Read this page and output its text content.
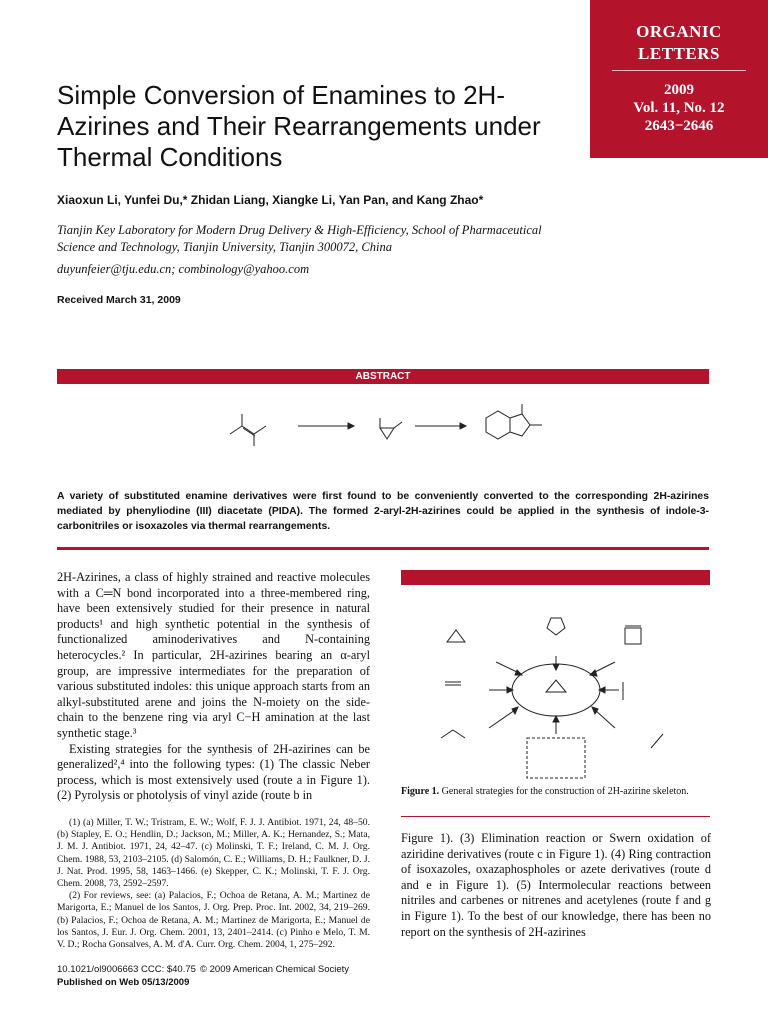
ORGANIC
LETTERS
2009
Vol. 11, No. 12
2643−2646
Simple Conversion of Enamines to 2H-Azirines and Their Rearrangements under Thermal Conditions
Xiaoxun Li, Yunfei Du,* Zhidan Liang, Xiangke Li, Yan Pan, and Kang Zhao*
Tianjin Key Laboratory for Modern Drug Delivery & High-Efficiency, School of Pharmaceutical Science and Technology, Tianjin University, Tianjin 300072, China
duyunfeier@tju.edu.cn; combinology@yahoo.com
Received March 31, 2009
ABSTRACT
A variety of substituted enamine derivatives were first found to be conveniently converted to the corresponding 2H-azirines mediated by phenyliodine (III) diacetate (PIDA). The formed 2-aryl-2H-azirines could be applied in the synthesis of indole-3-carbonitriles or isoxazoles via thermal rearrangements.

2H-Azirines, a class of highly strained and reactive molecules with a C═N bond incorporated into a three-membered ring, have been extensively studied for their presence in natural products¹ and high synthetic potential in the synthesis of functionalized aminoderivatives and N-containing heterocycles.² In particular, 2H-azirines bearing an α-aryl group, are impressive intermediates for the preparation of various substituted indoles: this unique approach starts from an alkyl-substituted arene and joins the N-moiety on the side-chain to the benzene ring via aryl C−H amination at the last synthetic stage.³

Existing strategies for the synthesis of 2H-azirines can be generalized²,⁴ into the following types: (1) The classic Neber process, which is most extensively used (route a in Figure 1). (2) Pyrolysis or photolysis of vinyl azide (route b in

(1) (a) Miller, T. W.; Tristram, E. W.; Wolf, F. J. J. Antibiot. 1971, 24, 48–50. (b) Stapley, E. O.; Hendlin, D.; Jackson, M.; Miller, A. K.; Hernandez, S.; Mata, J. M. J. Antibiot. 1971, 24, 42–47. (c) Molinski, T. F.; Ireland, C. M. J. Org. Chem. 1988, 53, 2103–2105. (d) Salomón, C. E.; Williams, D. H.; Faulkner, D. J. J. Nat. Prod. 1995, 58, 1463–1466. (e) Skepper, C. K.; Molinski, T. F. J. Org. Chem. 2008, 73, 2592–2597.

(2) For reviews, see: (a) Palacios, F.; Ochoa de Retana, A. M.; Martinez de Marigorta, E.; Manuel de los Santos, J. Org. Prep. Proc. Int. 2002, 34, 219–269. (b) Palacios, F.; Ochoa de Retana, A. M.; Martinez de Marigorta, E.; Manuel de los Santos, J. Eur. J. Org. Chem. 2001, 13, 2401–2414. (c) Pinho e Melo, T. M. V. D.; Rocha Gonsalves, A. M. d'A. Curr. Org. Chem. 2004, 1, 275–292.

10.1021/ol9006663 CCC: $40.75 © 2009 American Chemical Society
Published on Web 05/13/2009
Figure 1. General strategies for the construction of 2H-azirine skeleton.

Figure 1). (3) Elimination reaction or Swern oxidation of aziridine derivatives (route c in Figure 1). (4) Ring contraction of isoxazoles, oxazaphospholes or azete derivatives (route d and e in Figure 1). (5) Intermolecular reactions between nitriles and carbenes or nitrenes and acetylenes (route f and g in Figure 1). To the best of our knowledge, there has been no report on the synthesis of 2H-azirines
